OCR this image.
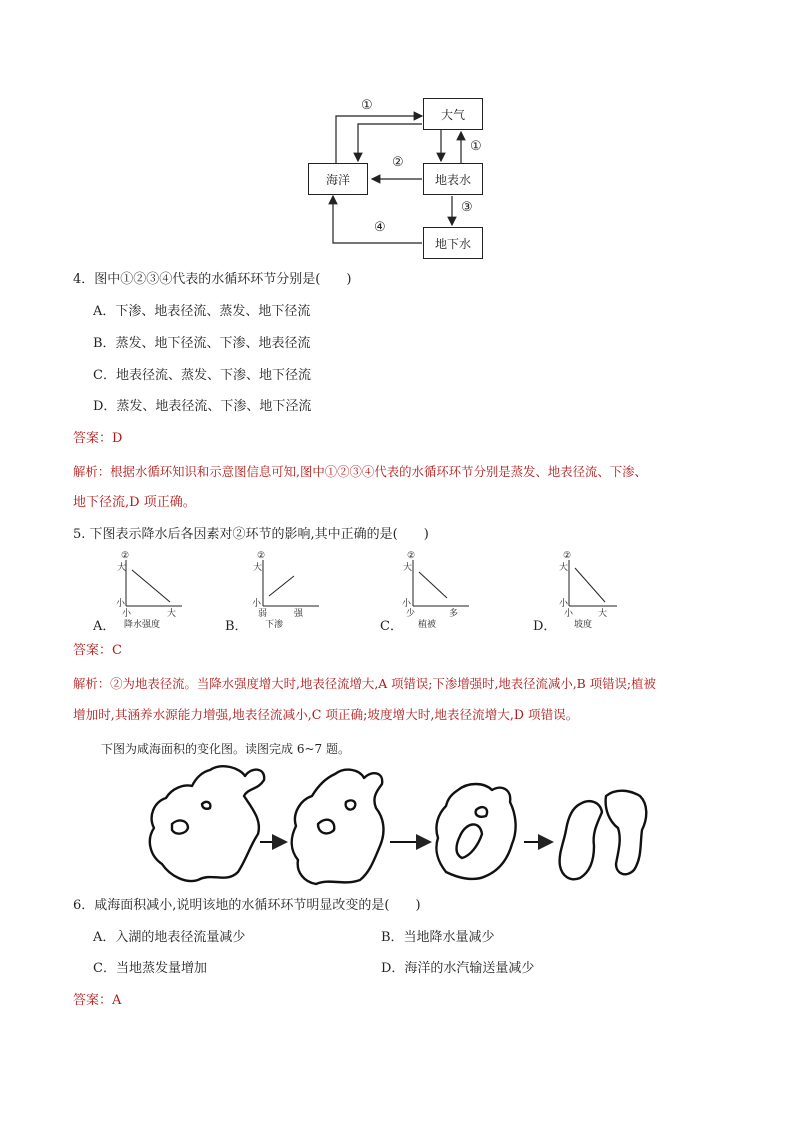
大气
海洋	地表水
地下水
①
②
①
③
④
4．图中①②③④代表的水循环环节分别是(　　)
A．下渗、地表径流、蒸发、地下径流
B．蒸发、地下径流、下渗、地表径流
C．地表径流、蒸发、下渗、地下径流
D．蒸发、地表径流、下渗、地下泾流
答案：D
解析：根据水循环知识和示意图信息可知,图中①②③④代表的水循环环节分别是蒸发、地表径流、下渗、
地下径流,D 项正确。
5. 下图表示降水后各因素对②环节的影响,其中正确的是(　　)
②
大
小
小	大
降水强度
A．
②
大
小
弱	强
下渗
B．
②
大
小
少	多
植被
C．
②
大
小
小	大
坡度
D．
答案：C
解析：②为地表径流。当降水强度增大时,地表径流增大,A 项错误;下渗增强时,地表径流减小,B 项错误;植被
增加时,其涵养水源能力增强,地表径流减小,C 项正确;坡度增大时,地表径流增大,D 项错误。
下图为咸海面积的变化图。读图完成 6~7 题。
6．咸海面积减小,说明该地的水循环环节明显改变的是(　　)
A．入湖的地表径流量减少	B．当地降水量减少
C．当地蒸发量增加	D．海洋的水汽输送量减少
答案：A
